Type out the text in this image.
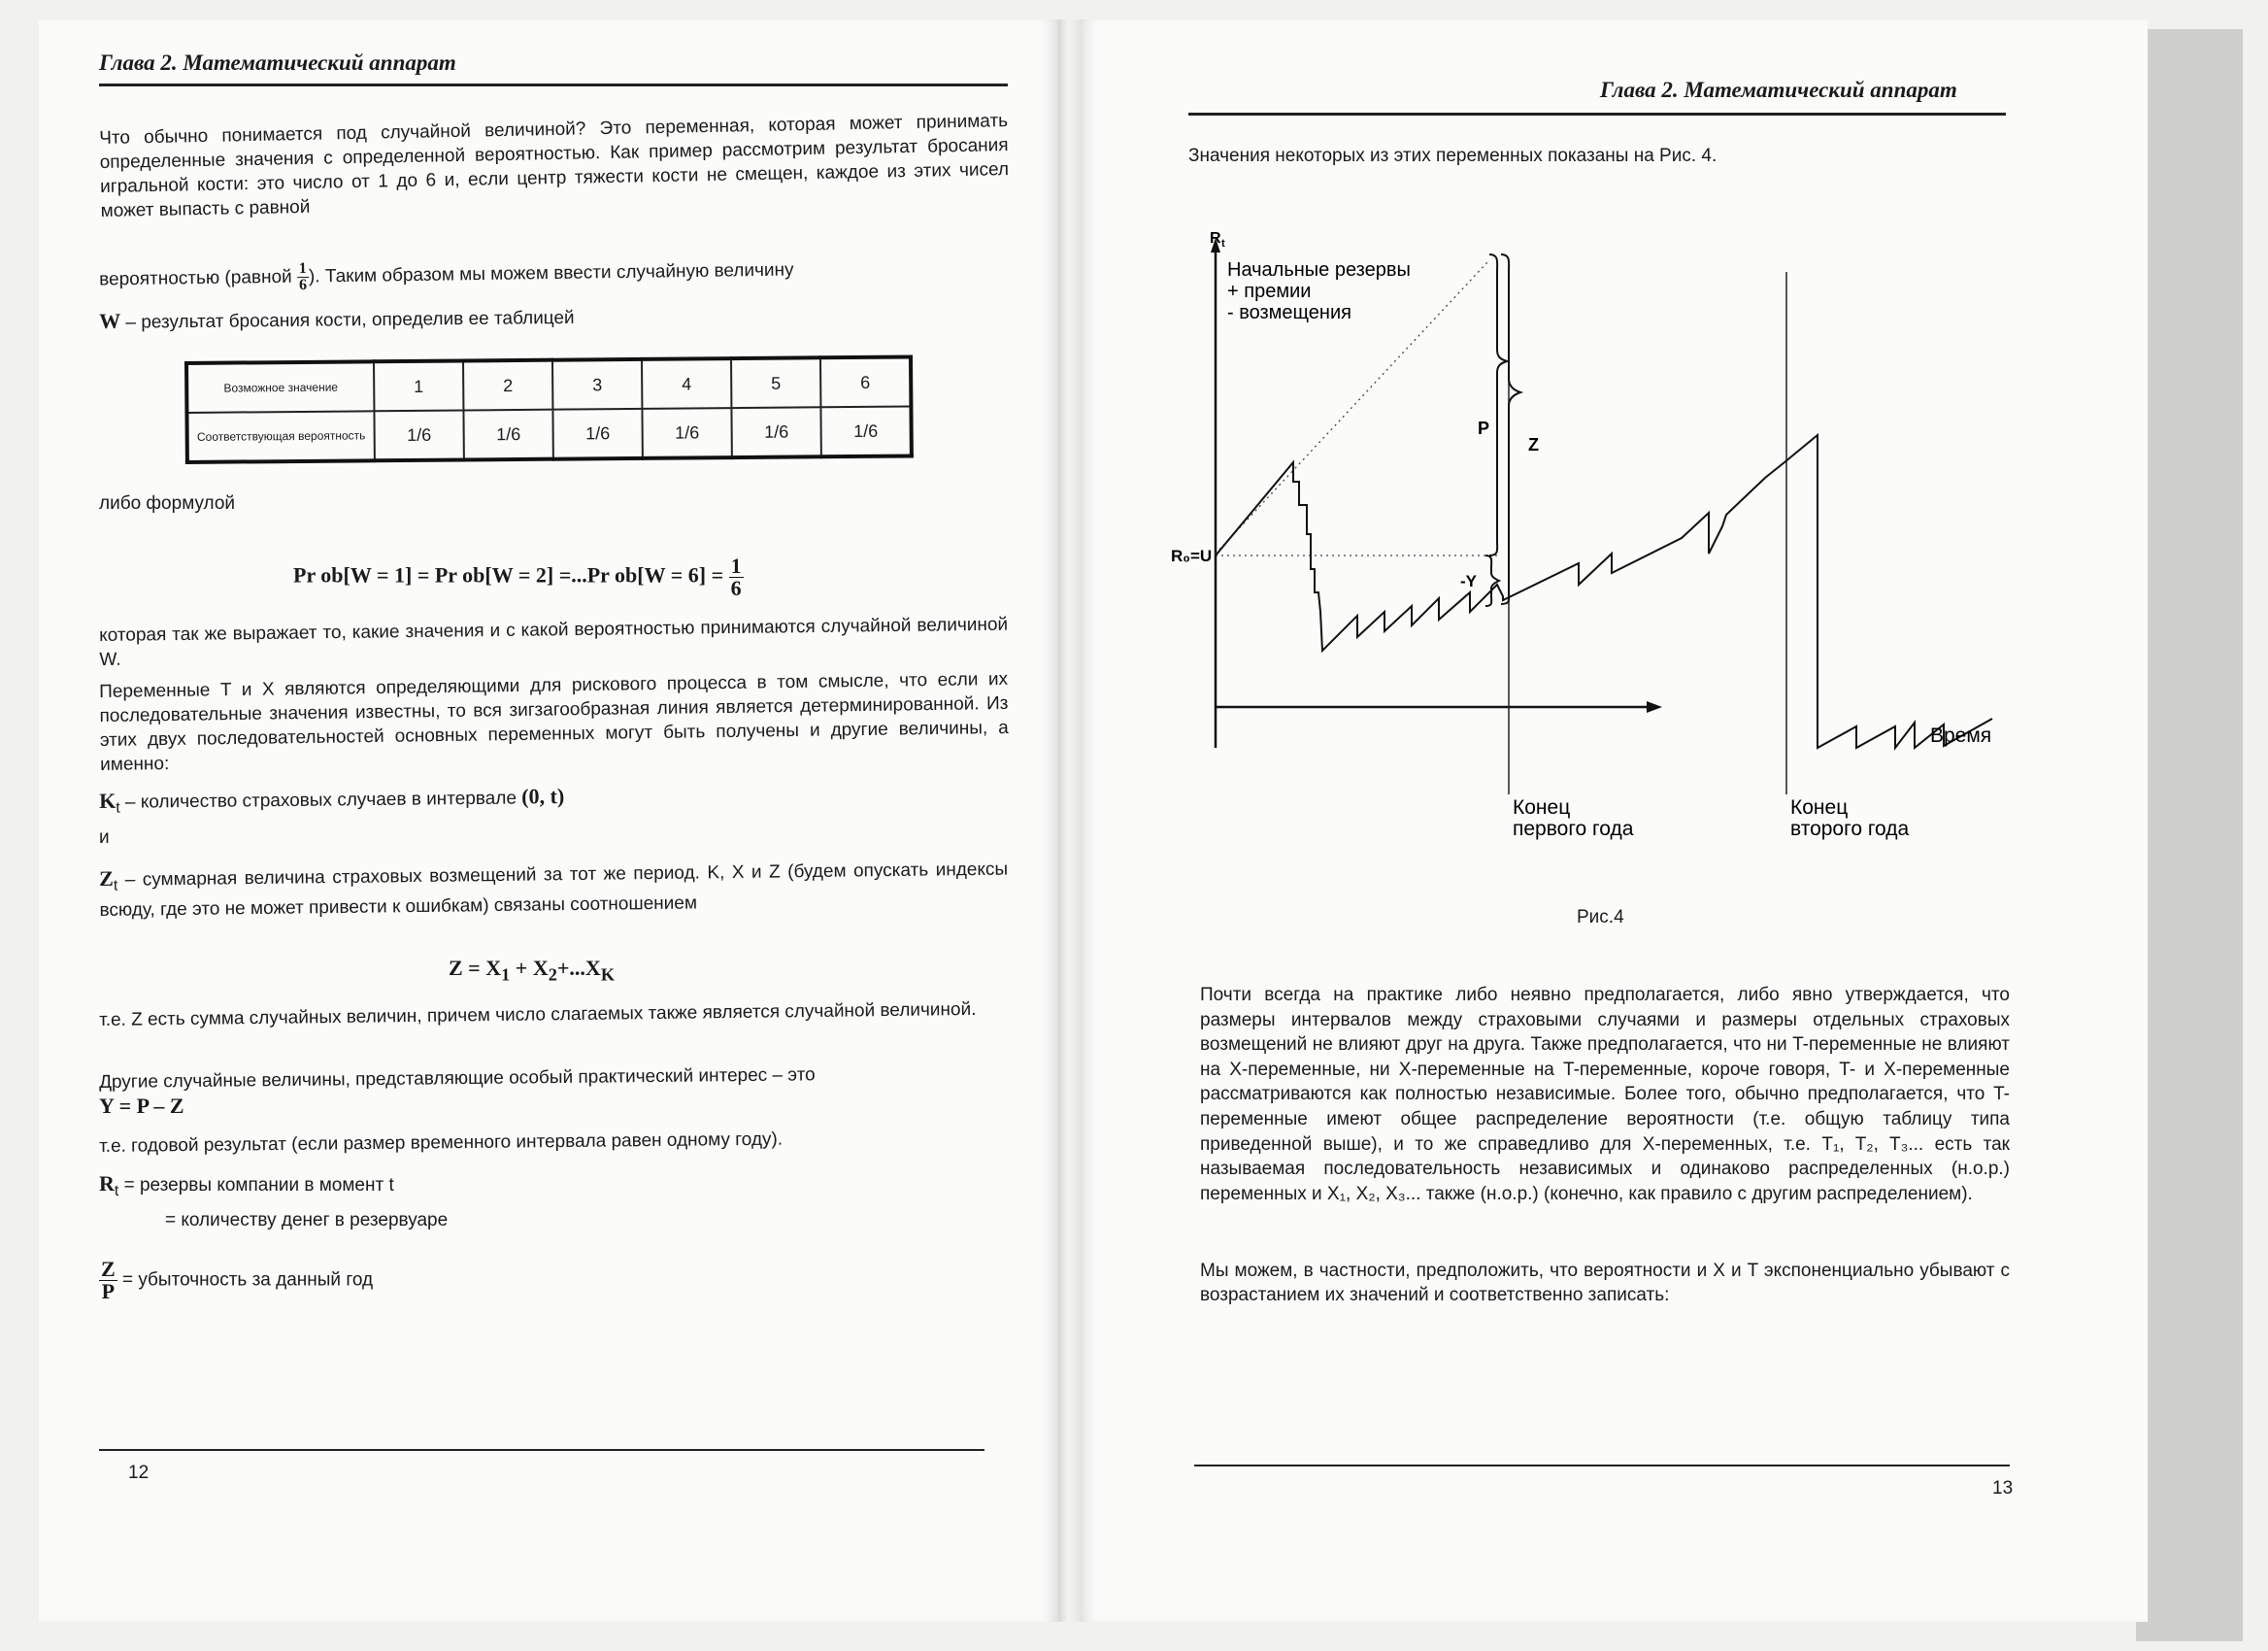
Глава 2. Математический аппарат

Что обычно понимается под случайной величиной? Это переменная, которая может принимать определенные значения с определенной вероятностью. Как пример рассмотрим результат бросания игральной кости: это число от 1 до 6 и, если центр тяжести кости не смещен, каждое из этих чисел может выпасть с равной

вероятностью (равной $\frac{1}{6}$ ). Таким образом мы можем ввести случайную величину
W – результат бросания кости, определив ее таблицей
Возможное значение	1	2	3	4	5	6
Соответствующая вероятность	1/6	1/6	1/6	1/6	1/6	1/6
либо формулой
Pr ob[W = 1] = Pr ob[W = 2] =...Pr $ob[W = 6] = \frac{1}{6}$

которая так же выражает то, какие значения и с какой вероятностью принимаются случайной величиной W.

Переменные T и X являются определяющими для рискового процесса в том смысле, что если их последовательные значения известны, то вся зигзагообразная линия является детерминированной. Из этих двух последовательностей основных переменных могут быть получены и другие величины, а именно:

$K_t$ – количество страховых случаев в интервале (0, t)
и

$Z_t$ – суммарная величина страховых возмещений за тот же период. K, X и Z (будем опускать индексы всюду, где это не может привести к ошибкам) связаны соотношением

$Z = X_1 + X_2+...X_K$

т.е. Z есть сумма случайных величин, причем число слагаемых также является случайной величиной.

Другие случайные величины, представляющие особый практический интерес – это

Y = P – Z

т.е. годовой результат (если размер временного интервала равен одному году).

$R_t$ = резервы компании в момент t
= количеству денег в резервуаре
$\frac{Z}{P}$ = убыточность за данный год
12
Глава 2. Математический аппарат
Значения некоторых из этих переменных показаны на Рис. 4.
R t
Начальные резервы
+ премии
- возмещения
R₀=U
P
Z
-Y
Время
Конец
первого года
Конец
второго года
Рис.4

Почти всегда на практике либо неявно предполагается, либо явно утверждается, что размеры интервалов между страховыми случаями и размеры отдельных страховых возмещений не влияют друг на друга. Также предполагается, что ни T-переменные не влияют на X-переменные, ни X-переменные на T-переменные, короче говоря, T- и X-переменные рассматриваются как полностью независимые. Более того, обычно предполагается, что T-переменные имеют общее распределение вероятности (т.е. общую таблицу типа приведенной выше), и то же справедливо для X-переменных, т.е. T₁, T₂, T₃... есть так называемая последовательность независимых и одинаково распределенных (н.о.р.) переменных и X₁, X₂, X₃... также (н.о.р.) (конечно, как правило с другим распределением).

Мы можем, в частности, предположить, что вероятности и X и T экспоненциально убывают с возрастанием их значений и соответственно записать:

13
